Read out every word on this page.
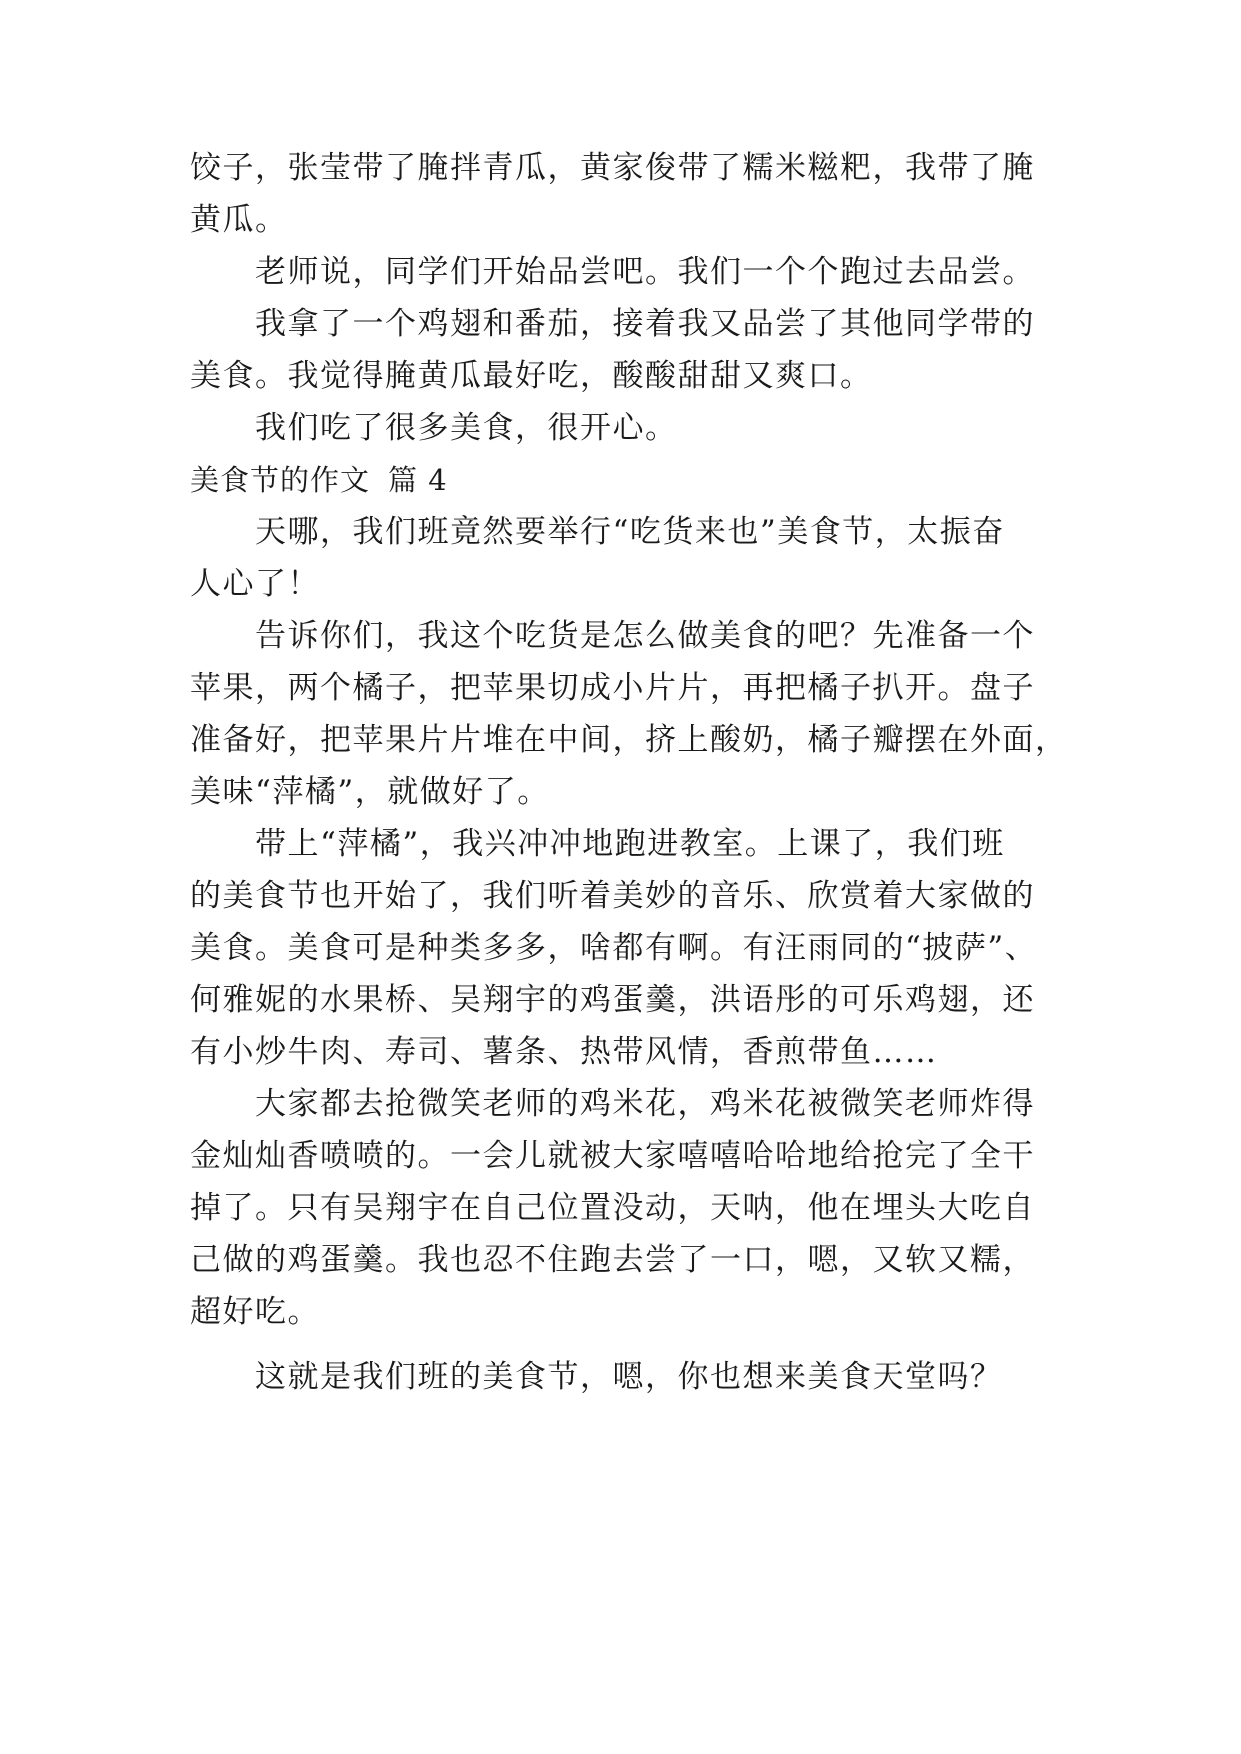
饺子，张莹带了腌拌青瓜，黄家俊带了糯米糍粑，我带了腌
黄瓜。
老师说，同学们开始品尝吧。我们一个个跑过去品尝。
我拿了一个鸡翅和番茄，接着我又品尝了其他同学带的
美食。我觉得腌黄瓜最好吃，酸酸甜甜又爽口。
我们吃了很多美食，很开心。
美食节的作文 篇 4
天哪，我们班竟然要举行“吃货来也”美食节，太振奋
人心了！
告诉你们，我这个吃货是怎么做美食的吧？先准备一个
苹果，两个橘子，把苹果切成小片片，再把橘子扒开。盘子
准备好，把苹果片片堆在中间，挤上酸奶，橘子瓣摆在外面，
美味“萍橘”，就做好了。
带上“萍橘”，我兴冲冲地跑进教室。上课了，我们班
的美食节也开始了，我们听着美妙的音乐、欣赏着大家做的
美食。美食可是种类多多，啥都有啊。有汪雨同的“披萨”、
何雅妮的水果桥、吴翔宇的鸡蛋羹，洪语彤的可乐鸡翅，还
有小炒牛肉、寿司、薯条、热带风情，香煎带鱼……
大家都去抢微笑老师的鸡米花，鸡米花被微笑老师炸得
金灿灿香喷喷的。一会儿就被大家嘻嘻哈哈地给抢完了全干
掉了。只有吴翔宇在自己位置没动，天呐，他在埋头大吃自
己做的鸡蛋羹。我也忍不住跑去尝了一口，嗯，又软又糯，
超好吃。
这就是我们班的美食节，嗯，你也想来美食天堂吗？
